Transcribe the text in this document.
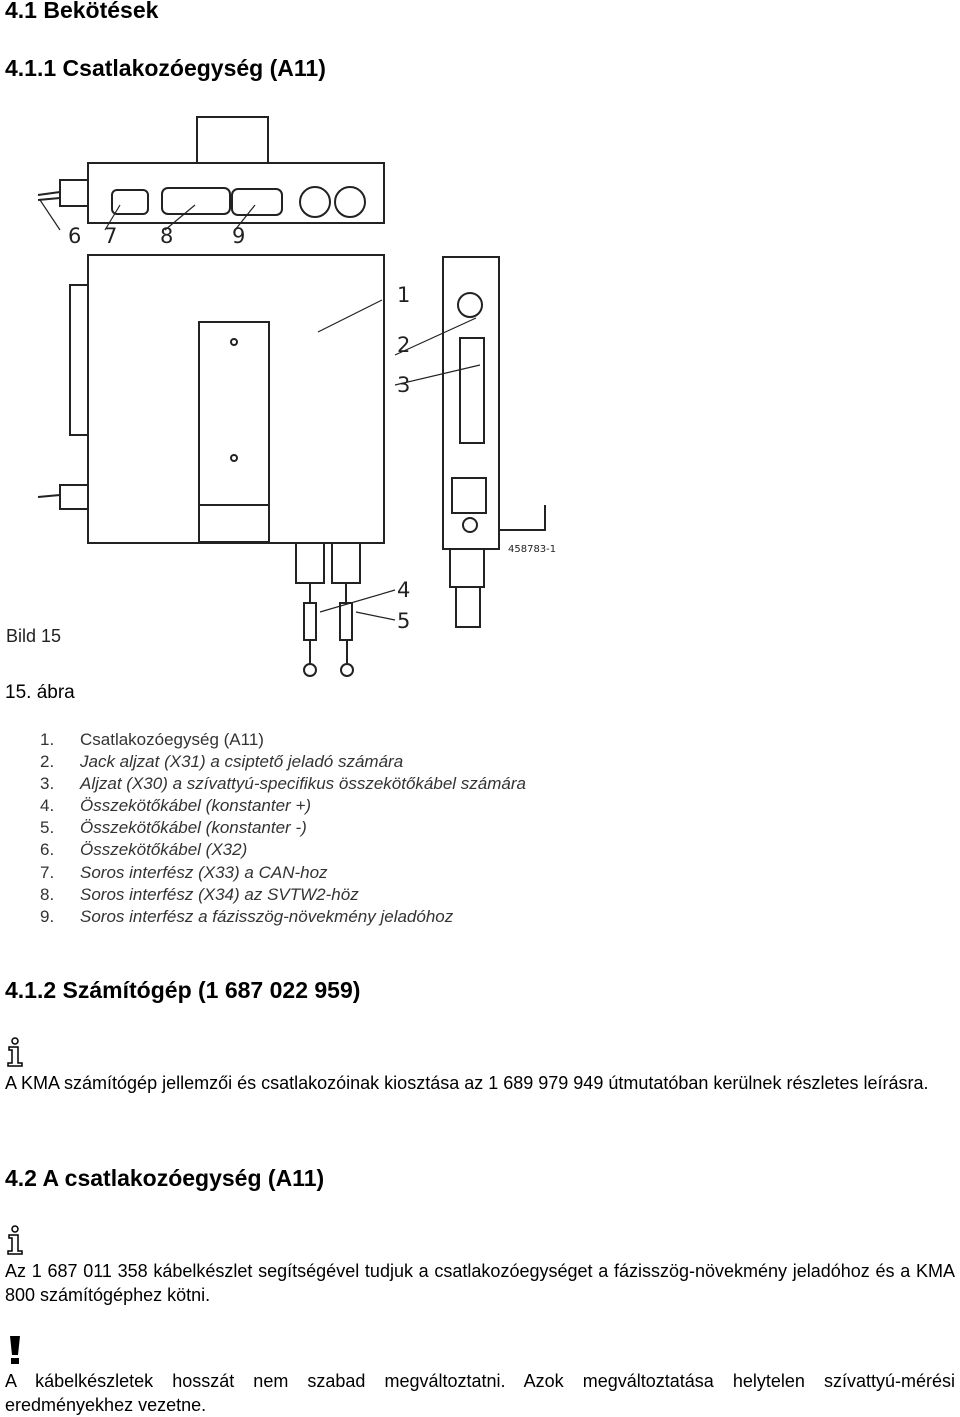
4.1 Bekötések
4.1.1 Csatlakozóegység (A11)
1
2
3
4
5
6 7 8	9
458783-1
Bild 15
15. ábra
1. Csatlakozóegység (A11)
2. Jack aljzat (X31) a csiptető jeladó számára
3. Aljzat (X30) a szívattyú-specifikus összekötőkábel számára
4. Összekötőkábel (konstanter +)
5. Összekötőkábel (konstanter -)
6. Összekötőkábel (X32)
7. Soros interfész (X33) a CAN-hoz
8. Soros interfész (X34) az SVTW2-höz
9. Soros interfész a fázisszög-növekmény jeladóhoz
4.1.2 Számítógép (1 687 022 959)

A KMA számítógép jellemzői és csatlakozóinak kiosztása az 1 689 979 949 útmutatóban kerülnek részletes leírásra.

4.2 A csatlakozóegység (A11)

Az 1 687 011 358 kábelkészlet segítségével tudjuk a csatlakozóegységet a fázisszög-növekmény jeladóhoz és a KMA 800 számítógéphez kötni.

A kábelkészletek hosszát nem szabad megváltoztatni. Azok megváltoztatása helytelen szívattyú-mérési eredményekhez vezetne.
